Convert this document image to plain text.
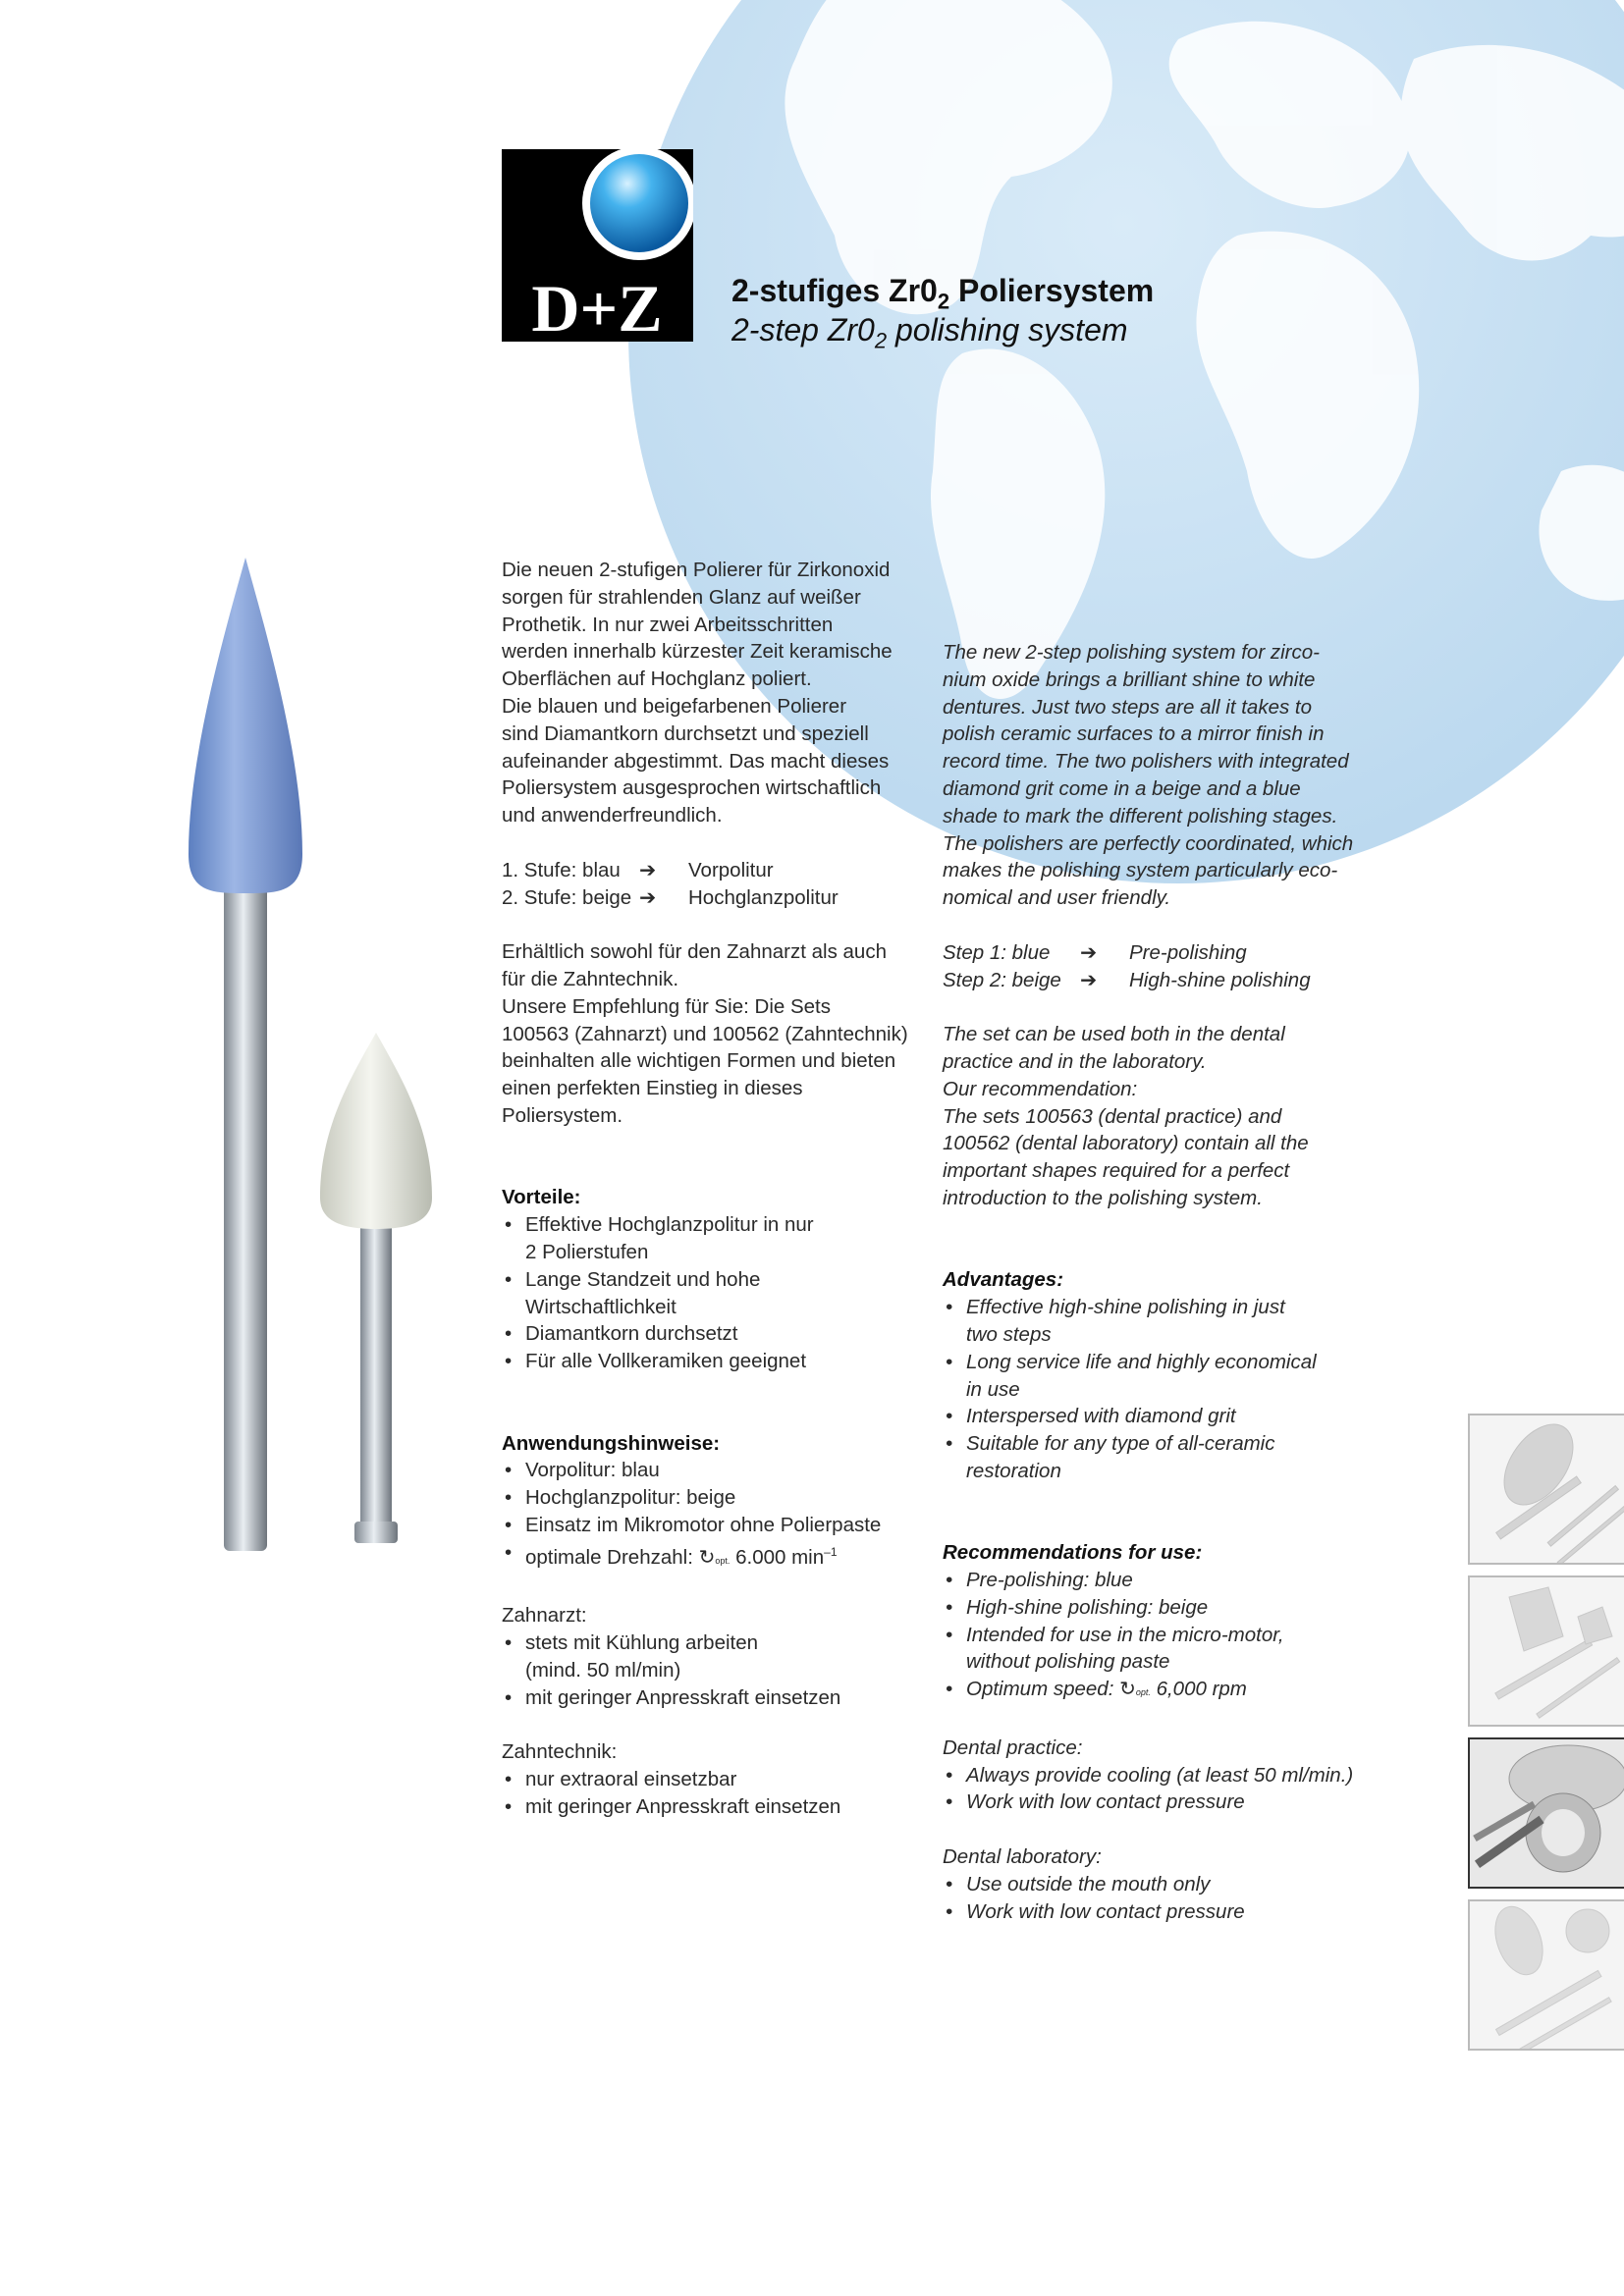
D+Z 2-stufiges $Zr0_2$ Poliersystem
2-step $Zr0_2$ polishing system

Die neuen 2-stufigen Polierer für Zirkonoxid

sorgen für strahlenden Glanz auf weißer

Prothetik. In nur zwei Arbeitsschritten

werden innerhalb kürzester Zeit keramische

Oberflächen auf Hochglanz poliert.

Die blauen und beigefarbenen Polierer

sind Diamantkorn durchsetzt und speziell

aufeinander abgestimmt. Das macht dieses

Poliersystem ausgesprochen wirtschaftlich

und anwenderfreundlich.

1. Stufe: blau ➔	Vorpolitur
2. Stufe: beige ➔	Hochglanzpolitur

Erhältlich sowohl für den Zahnarzt als auch

für die Zahntechnik.

Unsere Empfehlung für Sie: Die Sets

100563 (Zahnarzt) und 100562 (Zahntechnik)

beinhalten alle wichtigen Formen und bieten

einen perfekten Einstieg in dieses Poliersystem.

Vorteile:

• Effektive Hochglanzpolitur in nur
2 Polierstufen

• Lange Standzeit und hohe
Wirtschaftlichkeit

• Diamantkorn durchsetzt

• Für alle Vollkeramiken geeignet

Anwendungshinweise:

• Vorpolitur: blau

• Hochglanzpolitur: beige

• Einsatz im Mikromotor ohne Polierpaste

• optimale Drehzahl: ↻opt. 6.000 $\min^{-1}$

Zahnarzt:

• stets mit Kühlung arbeiten
(mind. 50 ml/min)

• mit geringer Anpresskraft einsetzen

Zahntechnik:

• nur extraoral einsetzbar

• mit geringer Anpresskraft einsetzen

The new 2-step polishing system for zirco-

nium oxide brings a brilliant shine to white

dentures. Just two steps are all it takes to

polish ceramic surfaces to a mirror finish in

record time. The two polishers with integrated

diamond grit come in a beige and a blue

shade to mark the different polishing stages.

The polishers are perfectly coordinated, which

makes the polishing system particularly eco-

nomical and user friendly.

Step 1: blue	➔	Pre-polishing
Step 2: beige ➔	High-shine polishing

The set can be used both in the dental

practice and in the laboratory.

Our recommendation:

The sets 100563 (dental practice) and

100562 (dental laboratory) contain all the

important shapes required for a perfect

introduction to the polishing system.

Advantages:

• Effective high-shine polishing in just
two steps

• Long service life and highly economical
in use

• Interspersed with diamond grit

• Suitable for any type of all-ceramic
restoration

Recommendations for use:

• Pre-polishing: blue

• High-shine polishing: beige

• Intended for use in the micro-motor,
without polishing paste

• Optimum speed: ↻opt. 6,000 rpm

Dental practice:

• Always provide cooling (at least 50 ml/min.)

• Work with low contact pressure

Dental laboratory:

• Use outside the mouth only

• Work with low contact pressure
